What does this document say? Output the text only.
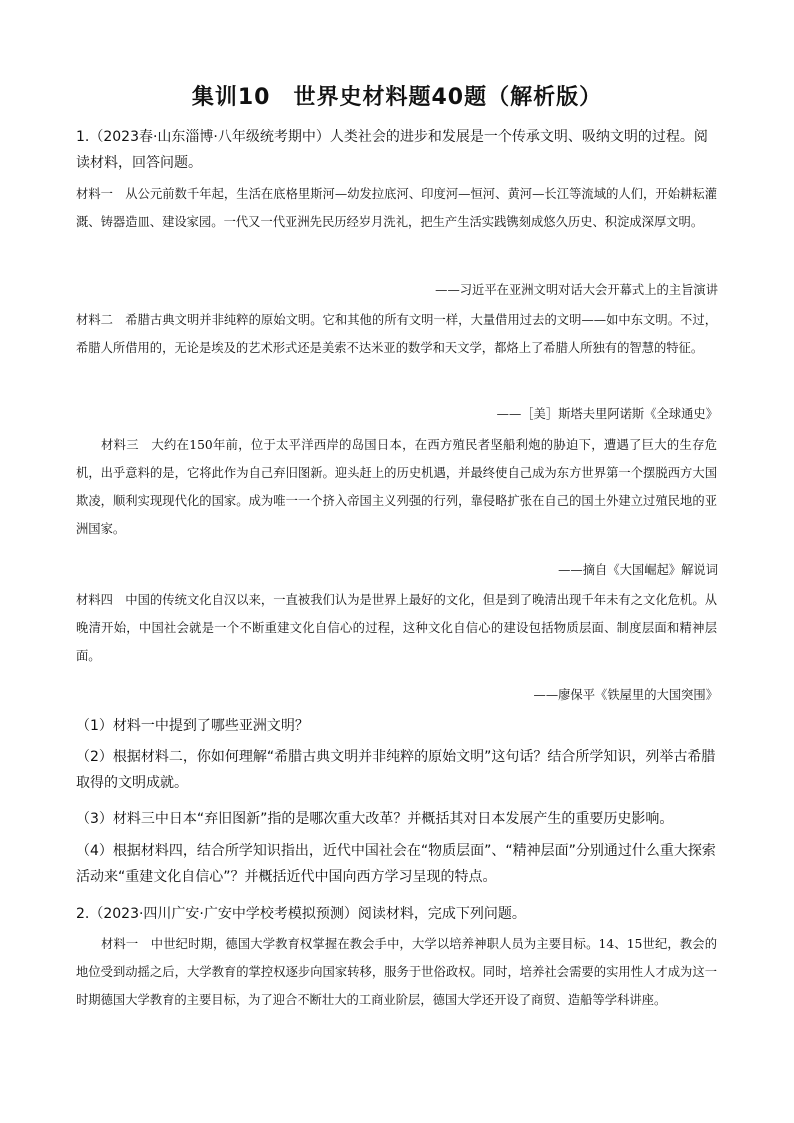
集训10　世界史材料题40题（解析版）

1.（2023春·山东淄博·八年级统考期中）人类社会的进步和发展是一个传承文明、吸纳文明的过程。阅读材料，回答问题。

材料一　从公元前数千年起，生活在底格里斯河—幼发拉底河、印度河—恒河、黄河—长江等流域的人们，开始耕耘灌溉、铸器造皿、建设家园。一代又一代亚洲先民历经岁月洗礼，把生产生活实践镌刻成悠久历史、积淀成深厚文明。

——习近平在亚洲文明对话大会开幕式上的主旨演讲

材料二　希腊古典文明并非纯粹的原始文明。它和其他的所有文明一样，大量借用过去的文明——如中东文明。不过，希腊人所借用的，无论是埃及的艺术形式还是美索不达米亚的数学和天文学，都烙上了希腊人所独有的智慧的特征。

——［美］斯塔夫里阿诺斯《全球通史》

材料三　大约在150年前，位于太平洋西岸的岛国日本，在西方殖民者坚船利炮的胁迫下，遭遇了巨大的生存危机，出乎意料的是，它将此作为自己弃旧图新。迎头赶上的历史机遇，并最终使自己成为东方世界第一个摆脱西方大国欺凌，顺利实现现代化的国家。成为唯一一个挤入帝国主义列强的行列，靠侵略扩张在自己的国土外建立过殖民地的亚洲国家。

——摘自《大国崛起》解说词

材料四　中国的传统文化自汉以来，一直被我们认为是世界上最好的文化，但是到了晚清出现千年未有之文化危机。从晚清开始，中国社会就是一个不断重建文化自信心的过程，这种文化自信心的建设包括物质层面、制度层面和精神层面。

——廖保平《铁屋里的大国突围》

（1）材料一中提到了哪些亚洲文明？

（2）根据材料二，你如何理解“希腊古典文明并非纯粹的原始文明”这句话？结合所学知识，列举古希腊取得的文明成就。

（3）材料三中日本“弃旧图新”指的是哪次重大改革？并概括其对日本发展产生的重要历史影响。

（4）根据材料四，结合所学知识指出，近代中国社会在“物质层面”、“精神层面”分别通过什么重大探索活动来“重建文化自信心”？并概括近代中国向西方学习呈现的特点。

2.（2023·四川广安·广安中学校考模拟预测）阅读材料，完成下列问题。

材料一　中世纪时期，德国大学教育权掌握在教会手中，大学以培养神职人员为主要目标。14、15世纪，教会的地位受到动摇之后，大学教育的掌控权逐步向国家转移，服务于世俗政权。同时，培养社会需要的实用性人才成为这一时期德国大学教育的主要目标，为了迎合不断壮大的工商业阶层，德国大学还开设了商贸、造船等学科讲座。
